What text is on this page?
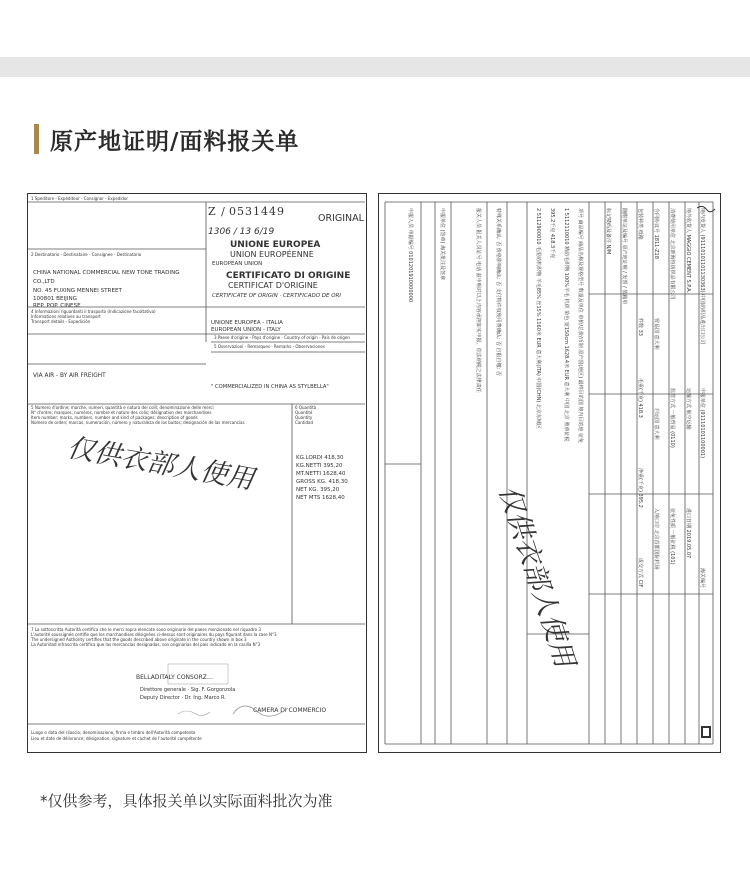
原产地证明/面料报关单
1 Speditore - Expéditeur - Consignor - Expedidor
2 Destinatario - Destinataire - Consignee - Destinatario
4 Informazioni riguardanti il trasporto (Indicazione facoltativa)
Informations relatives au transport
Transport details - Expedición
5 Numero d'ordine; marche, numeri, quantità e natura dei colli; denominazione delle merci
N° d'ordre; marques, numéros, nombre et nature des colis; désignation des marchandises
Item number; marks, numbers, number and kind of packages; description of goods
Número de orden; marcas, numeración, número y naturaleza de los bultos; designación de las mercancías
6 Quantità
Quantité
Quantity
Cantidad
3 Paese d'origine - Pays d'origine - Country of origin - País de origen
5 Osservazioni - Remarques - Remarks - Observaciones
7 La sottoscritta Autorità certifica che le merci sopra elencate sono originarie del paese menzionato nel riquadro 3
L'autorité soussignée certifie que les marchandises désignées ci-dessus sont originaires du pays figurant dans la case N°3
The undersigned Authority certifies that the goods described above originate in the country shown in box 3
La Autoridad infrascrita certifica que las mercancías designadas, son originarias del país indicado en la casilla N°3
Luogo e data del rilascio; denominazione, firma e timbro dell'Autorità competente
Lieu et date de délivrance; désignation, signature et cachet de l'autorité compétente
Z / 0531449
ORIGINAL
1306 / 13 6/19
UNIONE EUROPEA
UNION EUROPÉENNE
EUROPEAN UNION
CERTIFICATO DI ORIGINE
CERTIFICAT D'ORIGINE
CERTIFICATE OF ORIGIN · CERTIFICADO DE ORI
CHINA NATIONAL COMMERCIAL NEW TONE TRADING
CO.,LTD
NO. 45 FUXING MENNEI STREET
100801 BEIJING
REP. POP. CINESE
UNIONE EUROPEA - ITALIA
EUROPEAN UNION - ITALY
VIA AIR - BY AIR FREIGHT
" COMMERCIALIZED IN CHINA AS STYLBELLA"
KG.LORDI 418,30
KG.NETTI 395,20
MT.NETTI 1628,40
GROSS KG. 418,30
NET KG. 395,20
NET MTS 1628,40
仅供衣部人使用
BELLADITALY CONSORZ…
Direttore generale · Sig. F. Gorgonzola
Deputy Director · Dr. Ing. Marco R.
CAMERA DI COMMERCIO
境内发货人 (91110101101130363) 中国纺织品进出口公司
申报单位 (91110101100001)
海关编号
境外收货人 MAGGIO CEMENT S.P.A.
运输方式 航空运输
进口日期 2019.05.07
消费使用单位 北京新海恒纺织品有限公司
监管方式 一般贸易 (0110)
征免性质 一般征税 (101)
合同协议号 1811-Z18
贸易国 意大利
启运国 意大利
入境口岸 北京首都国际机场
包装种类 纸箱
件数 33
毛重(千克) 418.3
净重(千克) 395.2
成交方式 CIF
随附单证及编号 原产地证明 / 发票 / 装箱单
标记唛码及备注 N/M
项号 商品编号 商品名称及规格型号 数量及单位 单价/总价/币制 原产国(地区) 最终目的国 境内目的地 征免
1 5112110010 精纺毛织物 100%羊毛 机织 染色 宽150cm 1628.4米 EUR 意大利 中国 北京 照章征税
395.2千克 418.3千克
2 5112900010 毛混纺机织物 羊毛85% 丝15% 1160米 EUR 意大利(ITA) 中国(CHN) 北京东城区
特殊关系确认: 否 价格影响确认: 否 支付特许权使用费确认: 否 自报自缴: 否
报关人员 报关人员证号 电话 兹申明对以上内容承担如实申报、依法纳税之法律责任
申报单位 (签章) 海关批注及签章
申报人员 单据编号 0101201910000000
仅供衣部人使用
*仅供参考，具体报关单以实际面料批次为准
